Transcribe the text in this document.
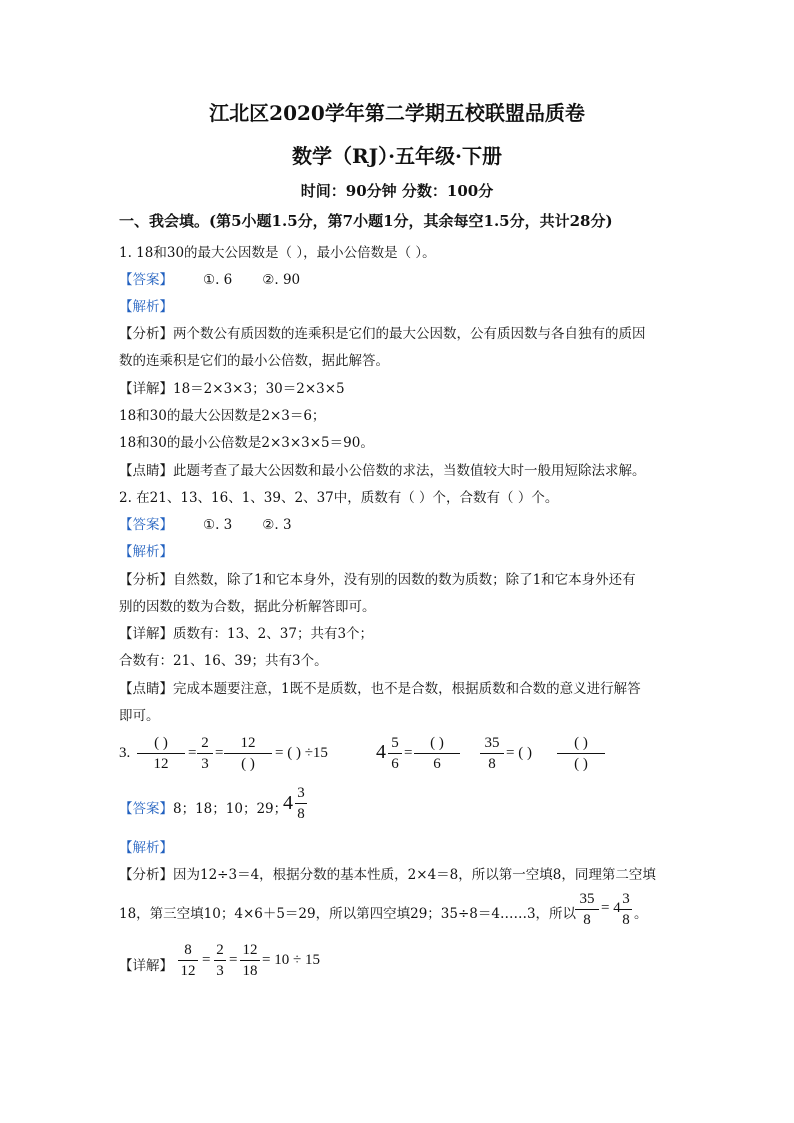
江北区2020学年第二学期五校联盟品质卷
数学（RJ）·五年级·下册
时间：90分钟 分数：100分
一、我会填。(第5小题1.5分，第7小题1分，其余每空1.5分，共计28分)
1. 18和30的最大公因数是（ ），最小公倍数是（ ）。
【答案】 ①. 6 ②. 90
【解析】
【分析】两个数公有质因数的连乘积是它们的最大公因数，公有质因数与各自独有的质因
数的连乘积是它们的最小公倍数，据此解答。
【详解】18＝2×3×3；30＝2×3×5
18和30的最大公因数是2×3＝6；
18和30的最小公倍数是2×3×3×5＝90。
【点睛】此题考查了最大公因数和最小公倍数的求法，当数值较大时一般用短除法求解。
2. 在21、13、16、1、39、2、37中，质数有（ ）个，合数有（ ）个。
【答案】 ①. 3 ②. 3
【解析】
【分析】自然数，除了1和它本身外，没有别的因数的数为质数；除了1和它本身外还有
别的因数的数为合数，据此分析解答即可。
【详解】质数有：13、2、37；共有3个；
合数有：21、16、39；共有3个。
【点睛】完成本题要注意，1既不是质数，也不是合数，根据质数和合数的意义进行解答
即可。
3.
( )
12
=
2
3
=
12
( )
= ( ) ÷15 4 5
6
=
( )
6
35
8
= ( )
( )
( )
【答案】8；18；10；29；
4 3
8
【解析】
【分析】因为12÷3＝4，根据分数的基本性质，2×4＝8，所以第一空填8，同理第二空填
18，第三空填10；4×6＋5＝29，所以第四空填29；35÷8＝4……3，所以
35
8
= 4
3
8 。
【详解】
8
12
=
2
3
=
12
18
= 10 ÷ 15
